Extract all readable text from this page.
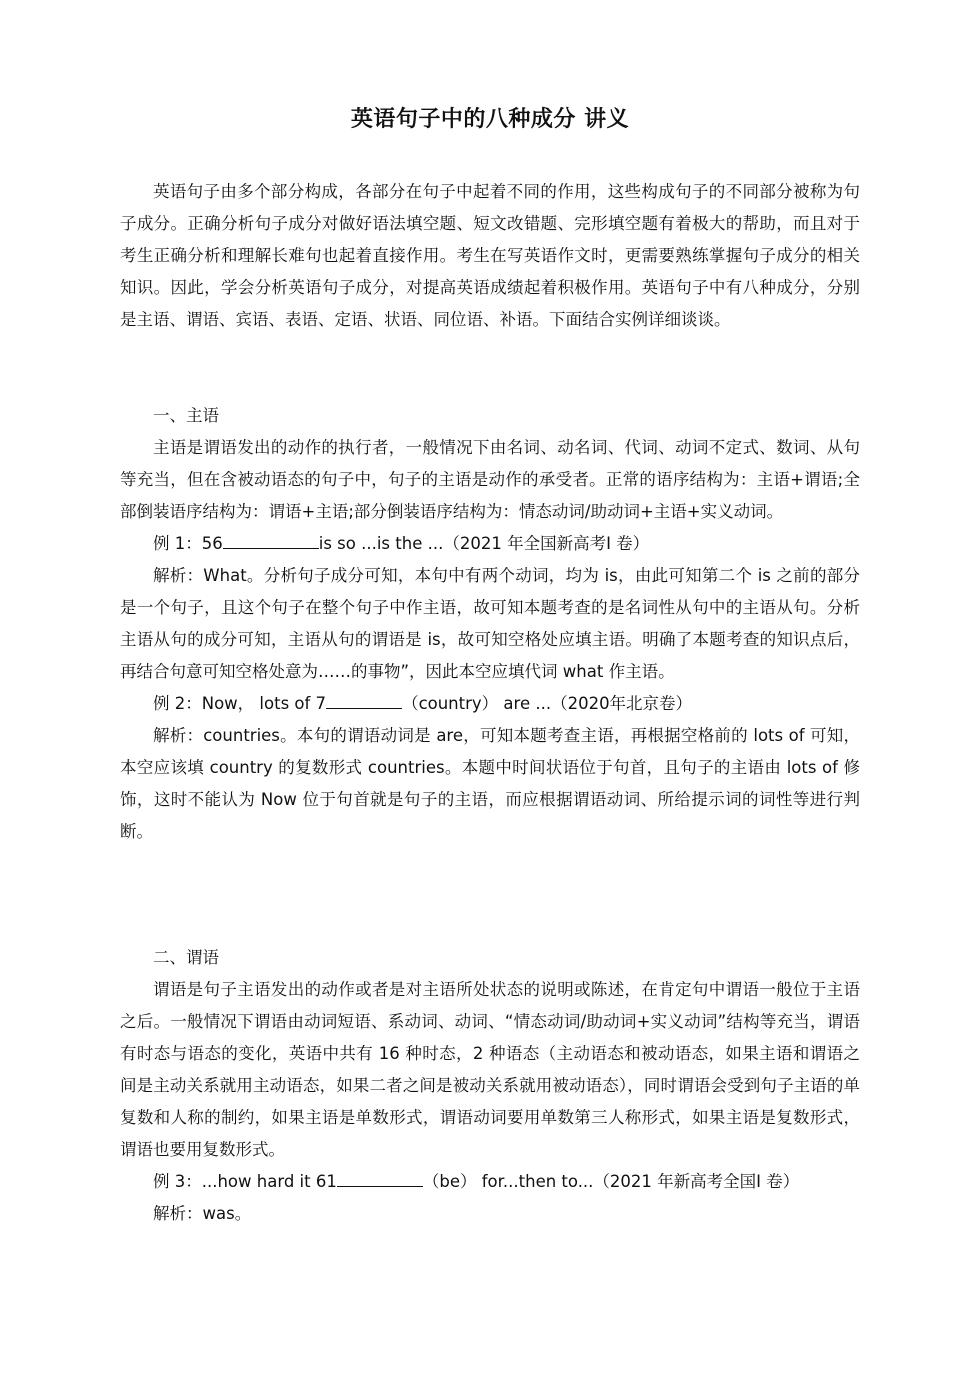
英语句子中的八种成分 讲义

英语句子由多个部分构成，各部分在句子中起着不同的作用，这些构成句子的不同部分被称为句子成分。正确分析句子成分对做好语法填空题、短文改错题、完形填空题有着极大的帮助，而且对于考生正确分析和理解长难句也起着直接作用。考生在写英语作文时，更需要熟练掌握句子成分的相关知识。因此，学会分析英语句子成分，对提高英语成绩起着积极作用。英语句子中有八种成分，分别是主语、谓语、宾语、表语、定语、状语、同位语、补语。下面结合实例详细谈谈。

一、主语

主语是谓语发出的动作的执行者，一般情况下由名词、动名词、代词、动词不定式、数词、从句等充当，但在含被动语态的句子中，句子的主语是动作的承受者。正常的语序结构为：主语+谓语;全部倒装语序结构为：谓语+主语;部分倒装语序结构为：情态动词/助动词+主语+实义动词。

例 1：56	is so ...is the ...（2021 年全国新高考Ⅰ 卷）

解析：What。分析句子成分可知，本句中有两个动词，均为 is，由此可知第二个 is 之前的部分是一个句子，且这个句子在整个句子中作主语，故可知本题考查的是名词性从句中的主语从句。分析主语从句的成分可知，主语从句的谓语是 is，故可知空格处应填主语。明确了本题考查的知识点后，再结合句意可知空格处意为……的事物”，因此本空应填代词 what 作主语。

例 2：Now， lots of 7	（country） are ...（2020年北京卷）

解析：countries。本句的谓语动词是 are，可知本题考查主语，再根据空格前的 lots of 可知，本空应该填 country 的复数形式 countries。本题中时间状语位于句首，且句子的主语由 lots of 修饰，这时不能认为 Now 位于句首就是句子的主语，而应根据谓语动词、所给提示词的词性等进行判断。

二、谓语

谓语是句子主语发出的动作或者是对主语所处状态的说明或陈述，在肯定句中谓语一般位于主语之后。一般情况下谓语由动词短语、系动词、动词、“情态动词/助动词+实义动词”结构等充当，谓语有时态与语态的变化，英语中共有 16 种时态，2 种语态（主动语态和被动语态，如果主语和谓语之间是主动关系就用主动语态，如果二者之间是被动关系就用被动语态），同时谓语会受到句子主语的单复数和人称的制约，如果主语是单数形式，谓语动词要用单数第三人称形式，如果主语是复数形式，谓语也要用复数形式。

例 3：...how hard it 61	（be） for...then to...（2021 年新高考全国Ⅰ 卷）

解析：was。
